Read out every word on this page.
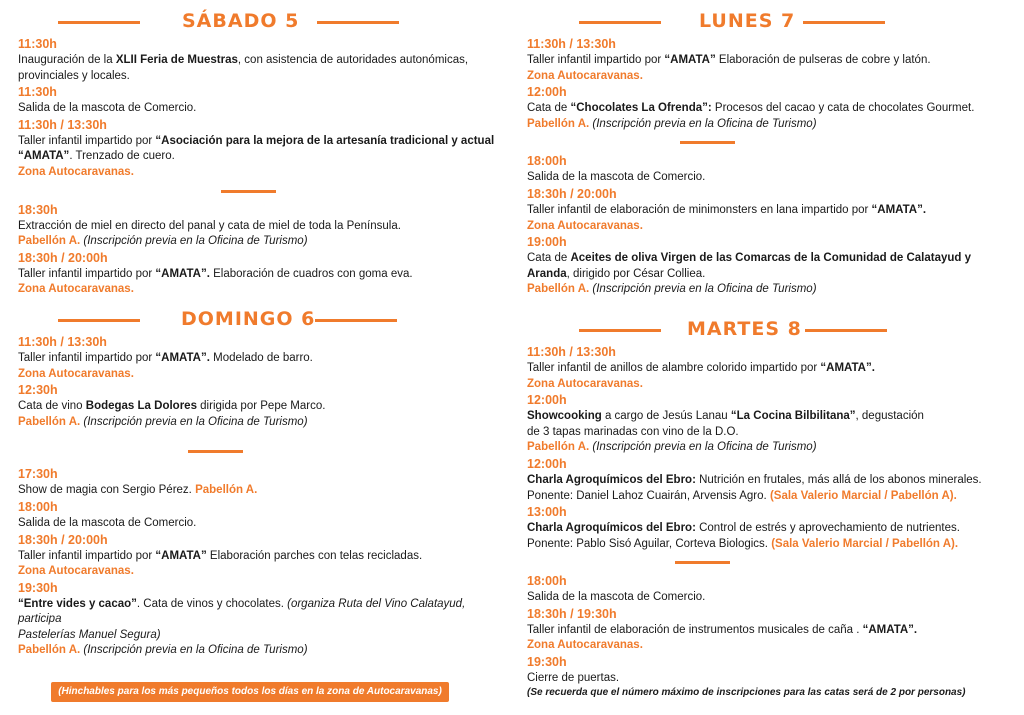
SÁBADO 5
11:30h
Inauguración de la XLII Feria de Muestras, con asistencia de autoridades autonómicas,
provinciales y locales.
11:30h
Salida de la mascota de Comercio.
11:30h / 13:30h
Taller infantil impartido por “Asociación para la mejora de la artesanía tradicional y actual
“AMATA”. Trenzado de cuero.
Zona Autocaravanas.
18:30h
Extracción de miel en directo del panal y cata de miel de toda la Península.
Pabellón A. (Inscripción previa en la Oficina de Turismo)
18:30h / 20:00h
Taller infantil impartido por “AMATA”. Elaboración de cuadros con goma eva.
Zona Autocaravanas.
DOMINGO 6
11:30h / 13:30h
Taller infantil impartido por “AMATA”. Modelado de barro.
Zona Autocaravanas.
12:30h
Cata de vino Bodegas La Dolores dirigida por Pepe Marco.
Pabellón A. (Inscripción previa en la Oficina de Turismo)
17:30h
Show de magia con Sergio Pérez. Pabellón A.
18:00h
Salida de la mascota de Comercio.
18:30h / 20:00h
Taller infantil impartido por “AMATA” Elaboración parches con telas recicladas.
Zona Autocaravanas.
19:30h
“Entre vides y cacao”. Cata de vinos y chocolates. (organiza Ruta del Vino Calatayud, participa
Pastelerías Manuel Segura)
Pabellón A. (Inscripción previa en la Oficina de Turismo)
LUNES 7
11:30h / 13:30h
Taller infantil impartido por “AMATA” Elaboración de pulseras de cobre y latón.
Zona Autocaravanas.
12:00h
Cata de “Chocolates La Ofrenda”: Procesos del cacao y cata de chocolates Gourmet.
Pabellón A. (Inscripción previa en la Oficina de Turismo)
18:00h
Salida de la mascota de Comercio.
18:30h / 20:00h
Taller infantil de elaboración de minimonsters en lana impartido por “AMATA”.
Zona Autocaravanas.
19:00h
Cata de Aceites de oliva Virgen de las Comarcas de la Comunidad de Calatayud y
Aranda, dirigido por César Colliea.
Pabellón A. (Inscripción previa en la Oficina de Turismo)
MARTES 8
11:30h / 13:30h
Taller infantil de anillos de alambre colorido impartido por “AMATA”.
Zona Autocaravanas.
12:00h
Showcooking a cargo de Jesús Lanau “La Cocina Bilbilitana”, degustación
de 3 tapas marinadas con vino de la D.O.
Pabellón A. (Inscripción previa en la Oficina de Turismo)
12:00h
Charla Agroquímicos del Ebro: Nutrición en frutales, más allá de los abonos minerales.
Ponente: Daniel Lahoz Cuairán, Arvensis Agro. (Sala Valerio Marcial / Pabellón A).
13:00h
Charla Agroquímicos del Ebro: Control de estrés y aprovechamiento de nutrientes.
Ponente: Pablo Sisó Aguilar, Corteva Biologics. (Sala Valerio Marcial / Pabellón A).
18:00h
Salida de la mascota de Comercio.
18:30h / 19:30h
Taller infantil de elaboración de instrumentos musicales de caña . “AMATA”.
Zona Autocaravanas.
19:30h
Cierre de puertas.
(Hinchables para los más pequeños todos los días en la zona de Autocaravanas)	(Se recuerda que el número máximo de inscripciones para las catas será de 2 por personas)
